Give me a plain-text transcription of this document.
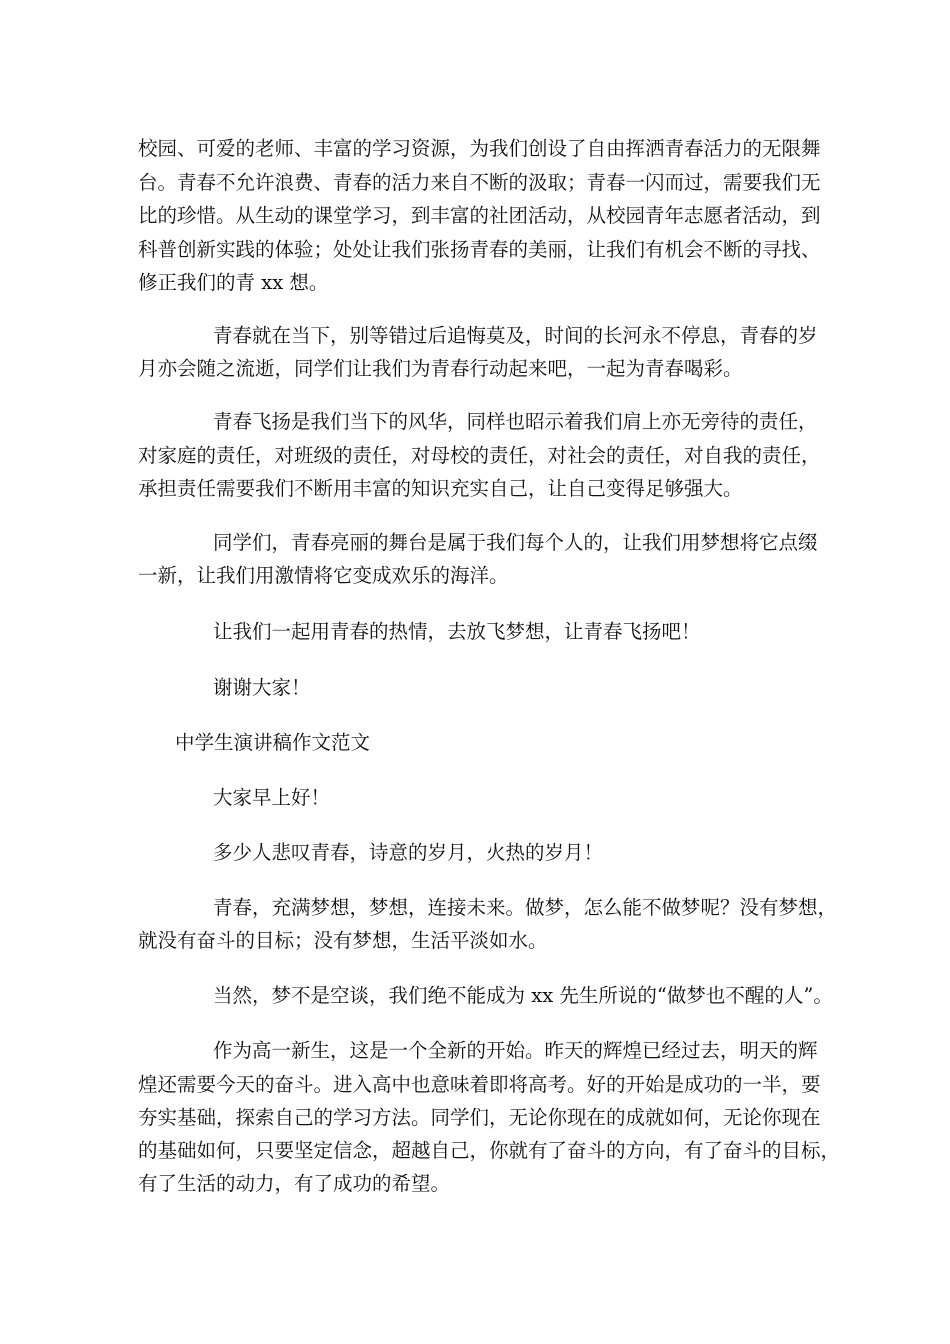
校园、可爱的老师、丰富的学习资源，为我们创设了自由挥洒青春活力的无限舞
台。青春不允许浪费、青春的活力来自不断的汲取；青春一闪而过，需要我们无
比的珍惜。从生动的课堂学习，到丰富的社团活动，从校园青年志愿者活动，到
科普创新实践的体验；处处让我们张扬青春的美丽，让我们有机会不断的寻找、
修正我们的青 xx 想。
青春就在当下，别等错过后追悔莫及，时间的长河永不停息，青春的岁
月亦会随之流逝，同学们让我们为青春行动起来吧，一起为青春喝彩。
青春飞扬是我们当下的风华，同样也昭示着我们肩上亦无旁待的责任，
对家庭的责任，对班级的责任，对母校的责任，对社会的责任，对自我的责任，
承担责任需要我们不断用丰富的知识充实自己，让自己变得足够强大。
同学们，青春亮丽的舞台是属于我们每个人的，让我们用梦想将它点缀
一新，让我们用激情将它变成欢乐的海洋。
让我们一起用青春的热情，去放飞梦想，让青春飞扬吧！
谢谢大家！
中学生演讲稿作文范文
大家早上好！
多少人悲叹青春，诗意的岁月，火热的岁月！
青春，充满梦想，梦想，连接未来。做梦，怎么能不做梦呢？没有梦想，
就没有奋斗的目标；没有梦想，生活平淡如水。
当然，梦不是空谈，我们绝不能成为 xx 先生所说的“做梦也不醒的人”。
作为高一新生，这是一个全新的开始。昨天的辉煌已经过去，明天的辉
煌还需要今天的奋斗。进入高中也意味着即将高考。好的开始是成功的一半，要
夯实基础，探索自己的学习方法。同学们，无论你现在的成就如何，无论你现在
的基础如何，只要坚定信念，超越自己，你就有了奋斗的方向，有了奋斗的目标，
有了生活的动力，有了成功的希望。
